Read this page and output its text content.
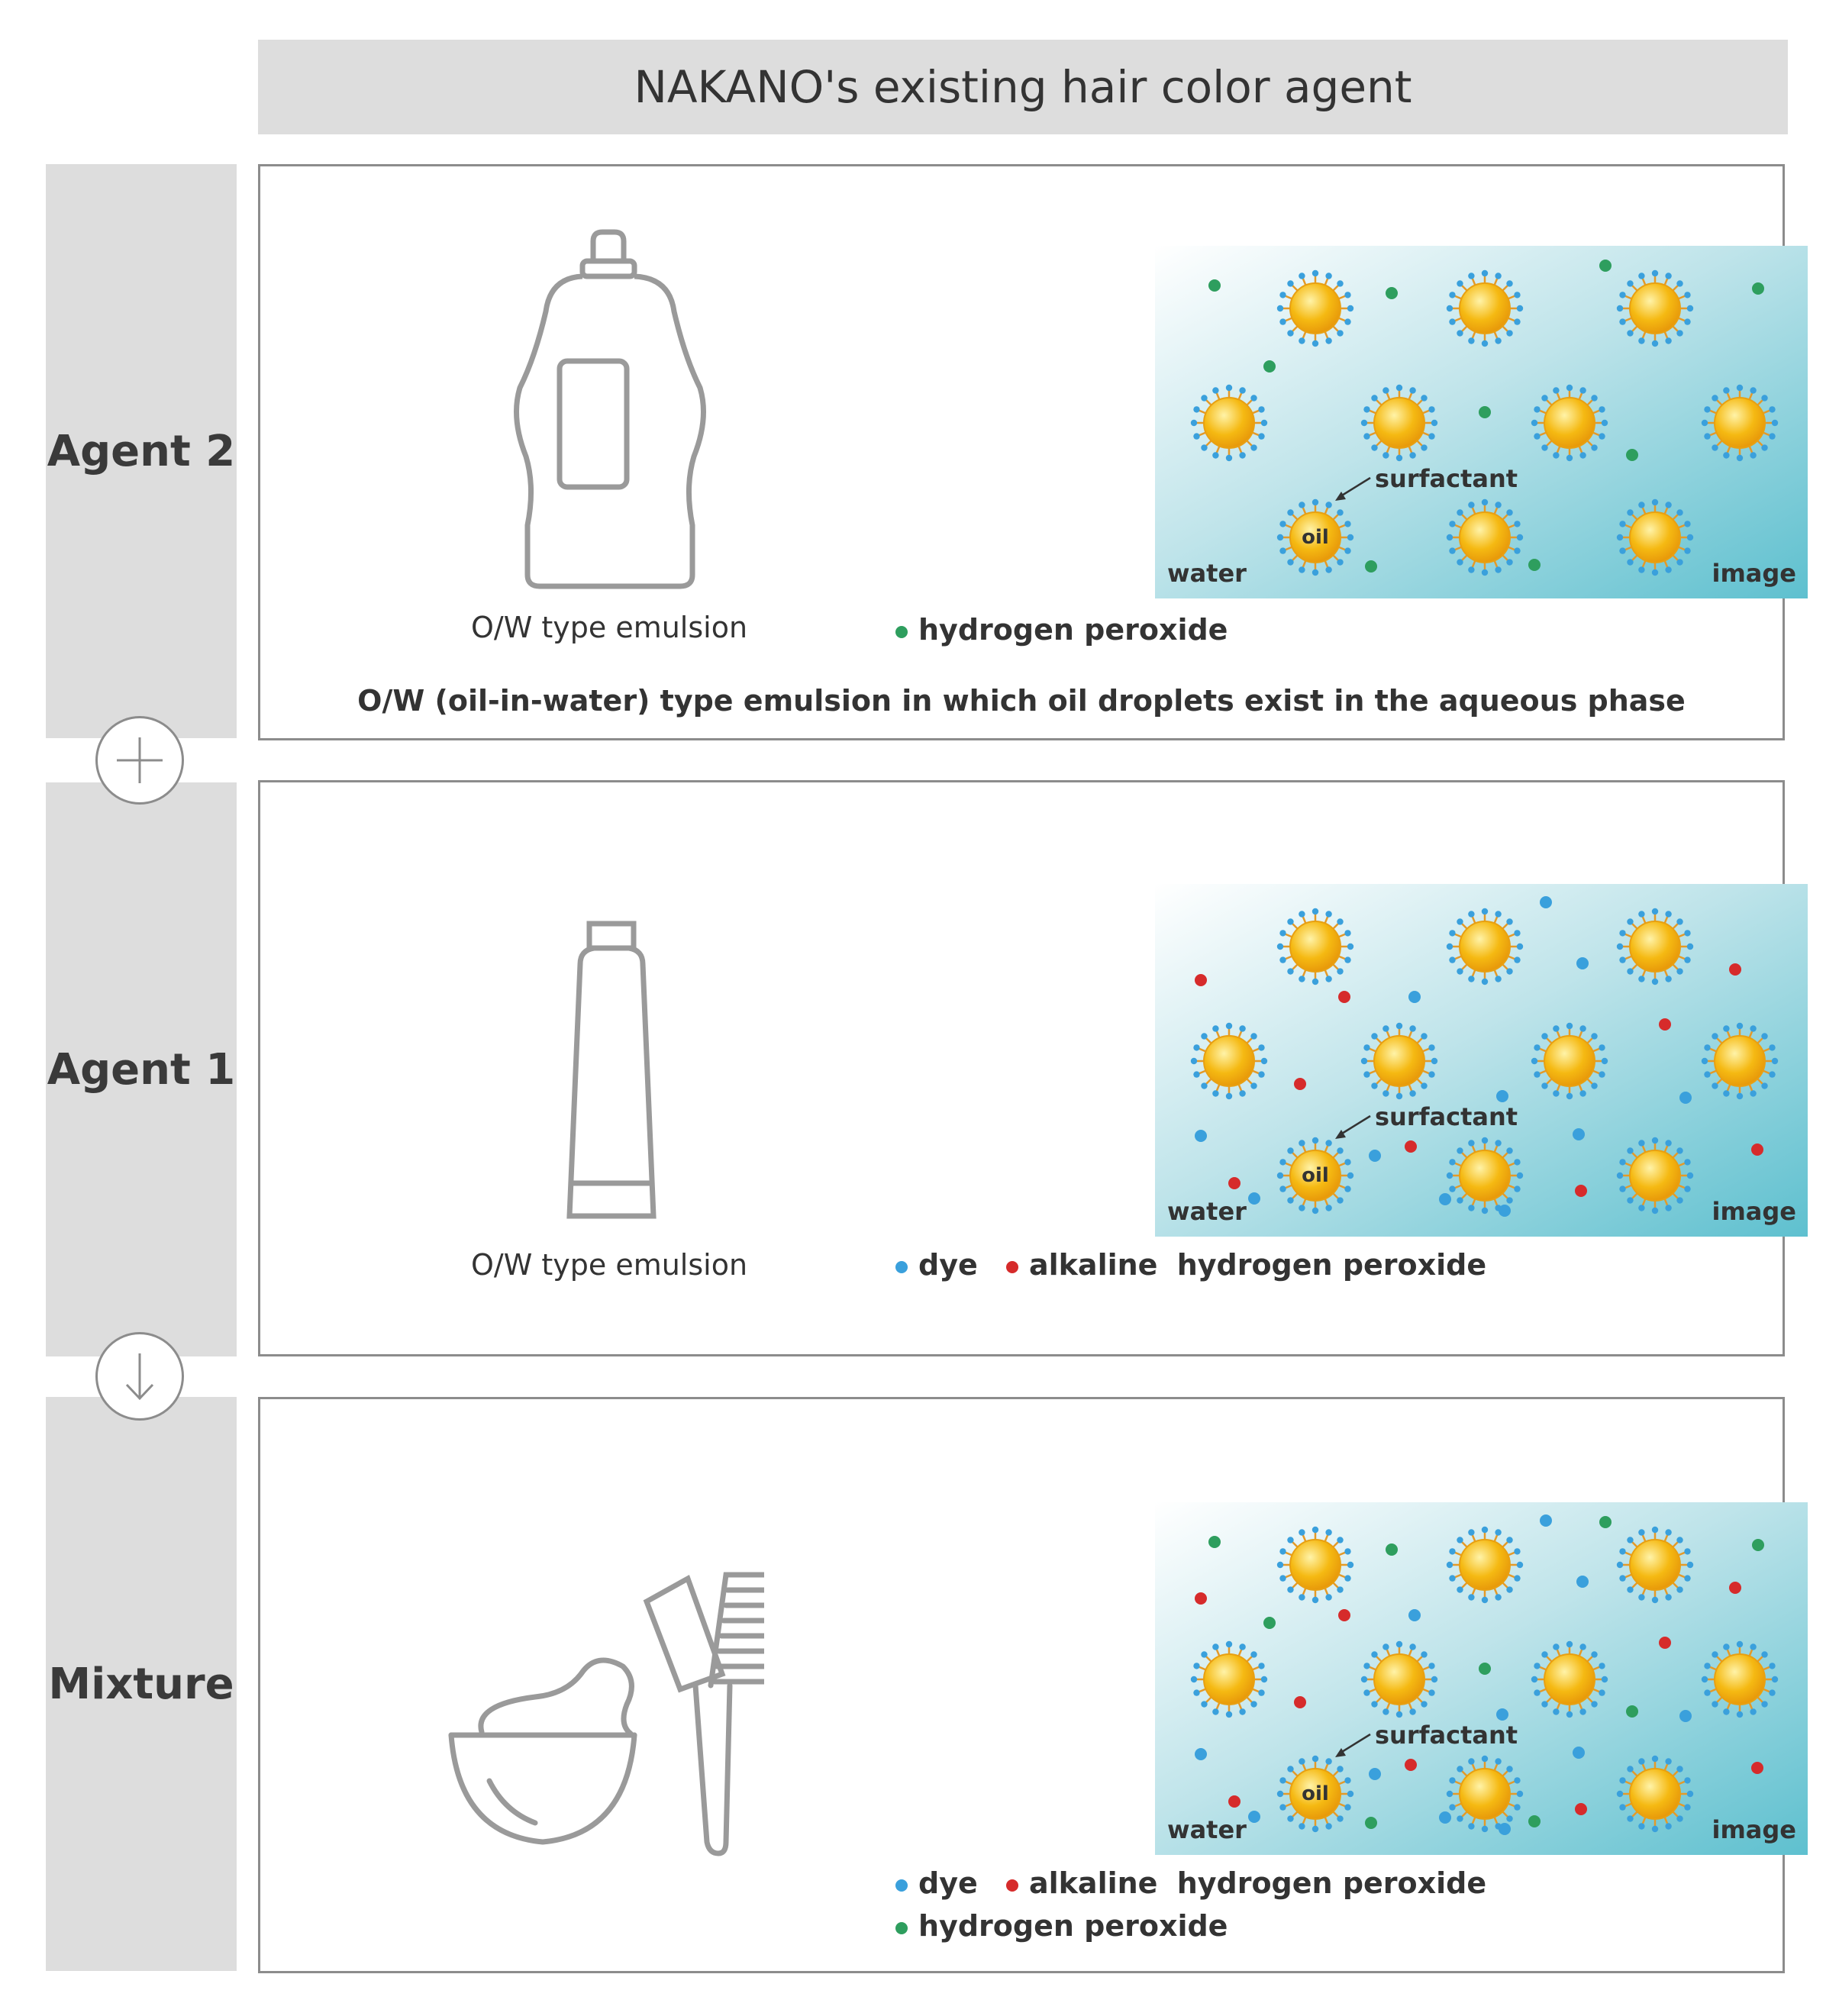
NAKANO's existing hair color agent
Agent 2
Agent 1
Mixture
O/W type emulsion
water	image
surfactant
oil
hydrogen peroxide
O/W (oil-in-water) type emulsion in which oil droplets exist in the aqueous phase
O/W type emulsion
water	image
surfactant
oil
dye alkaline hydrogen peroxide
water	image
surfactant
oil
dye alkaline hydrogen peroxide
hydrogen peroxide
